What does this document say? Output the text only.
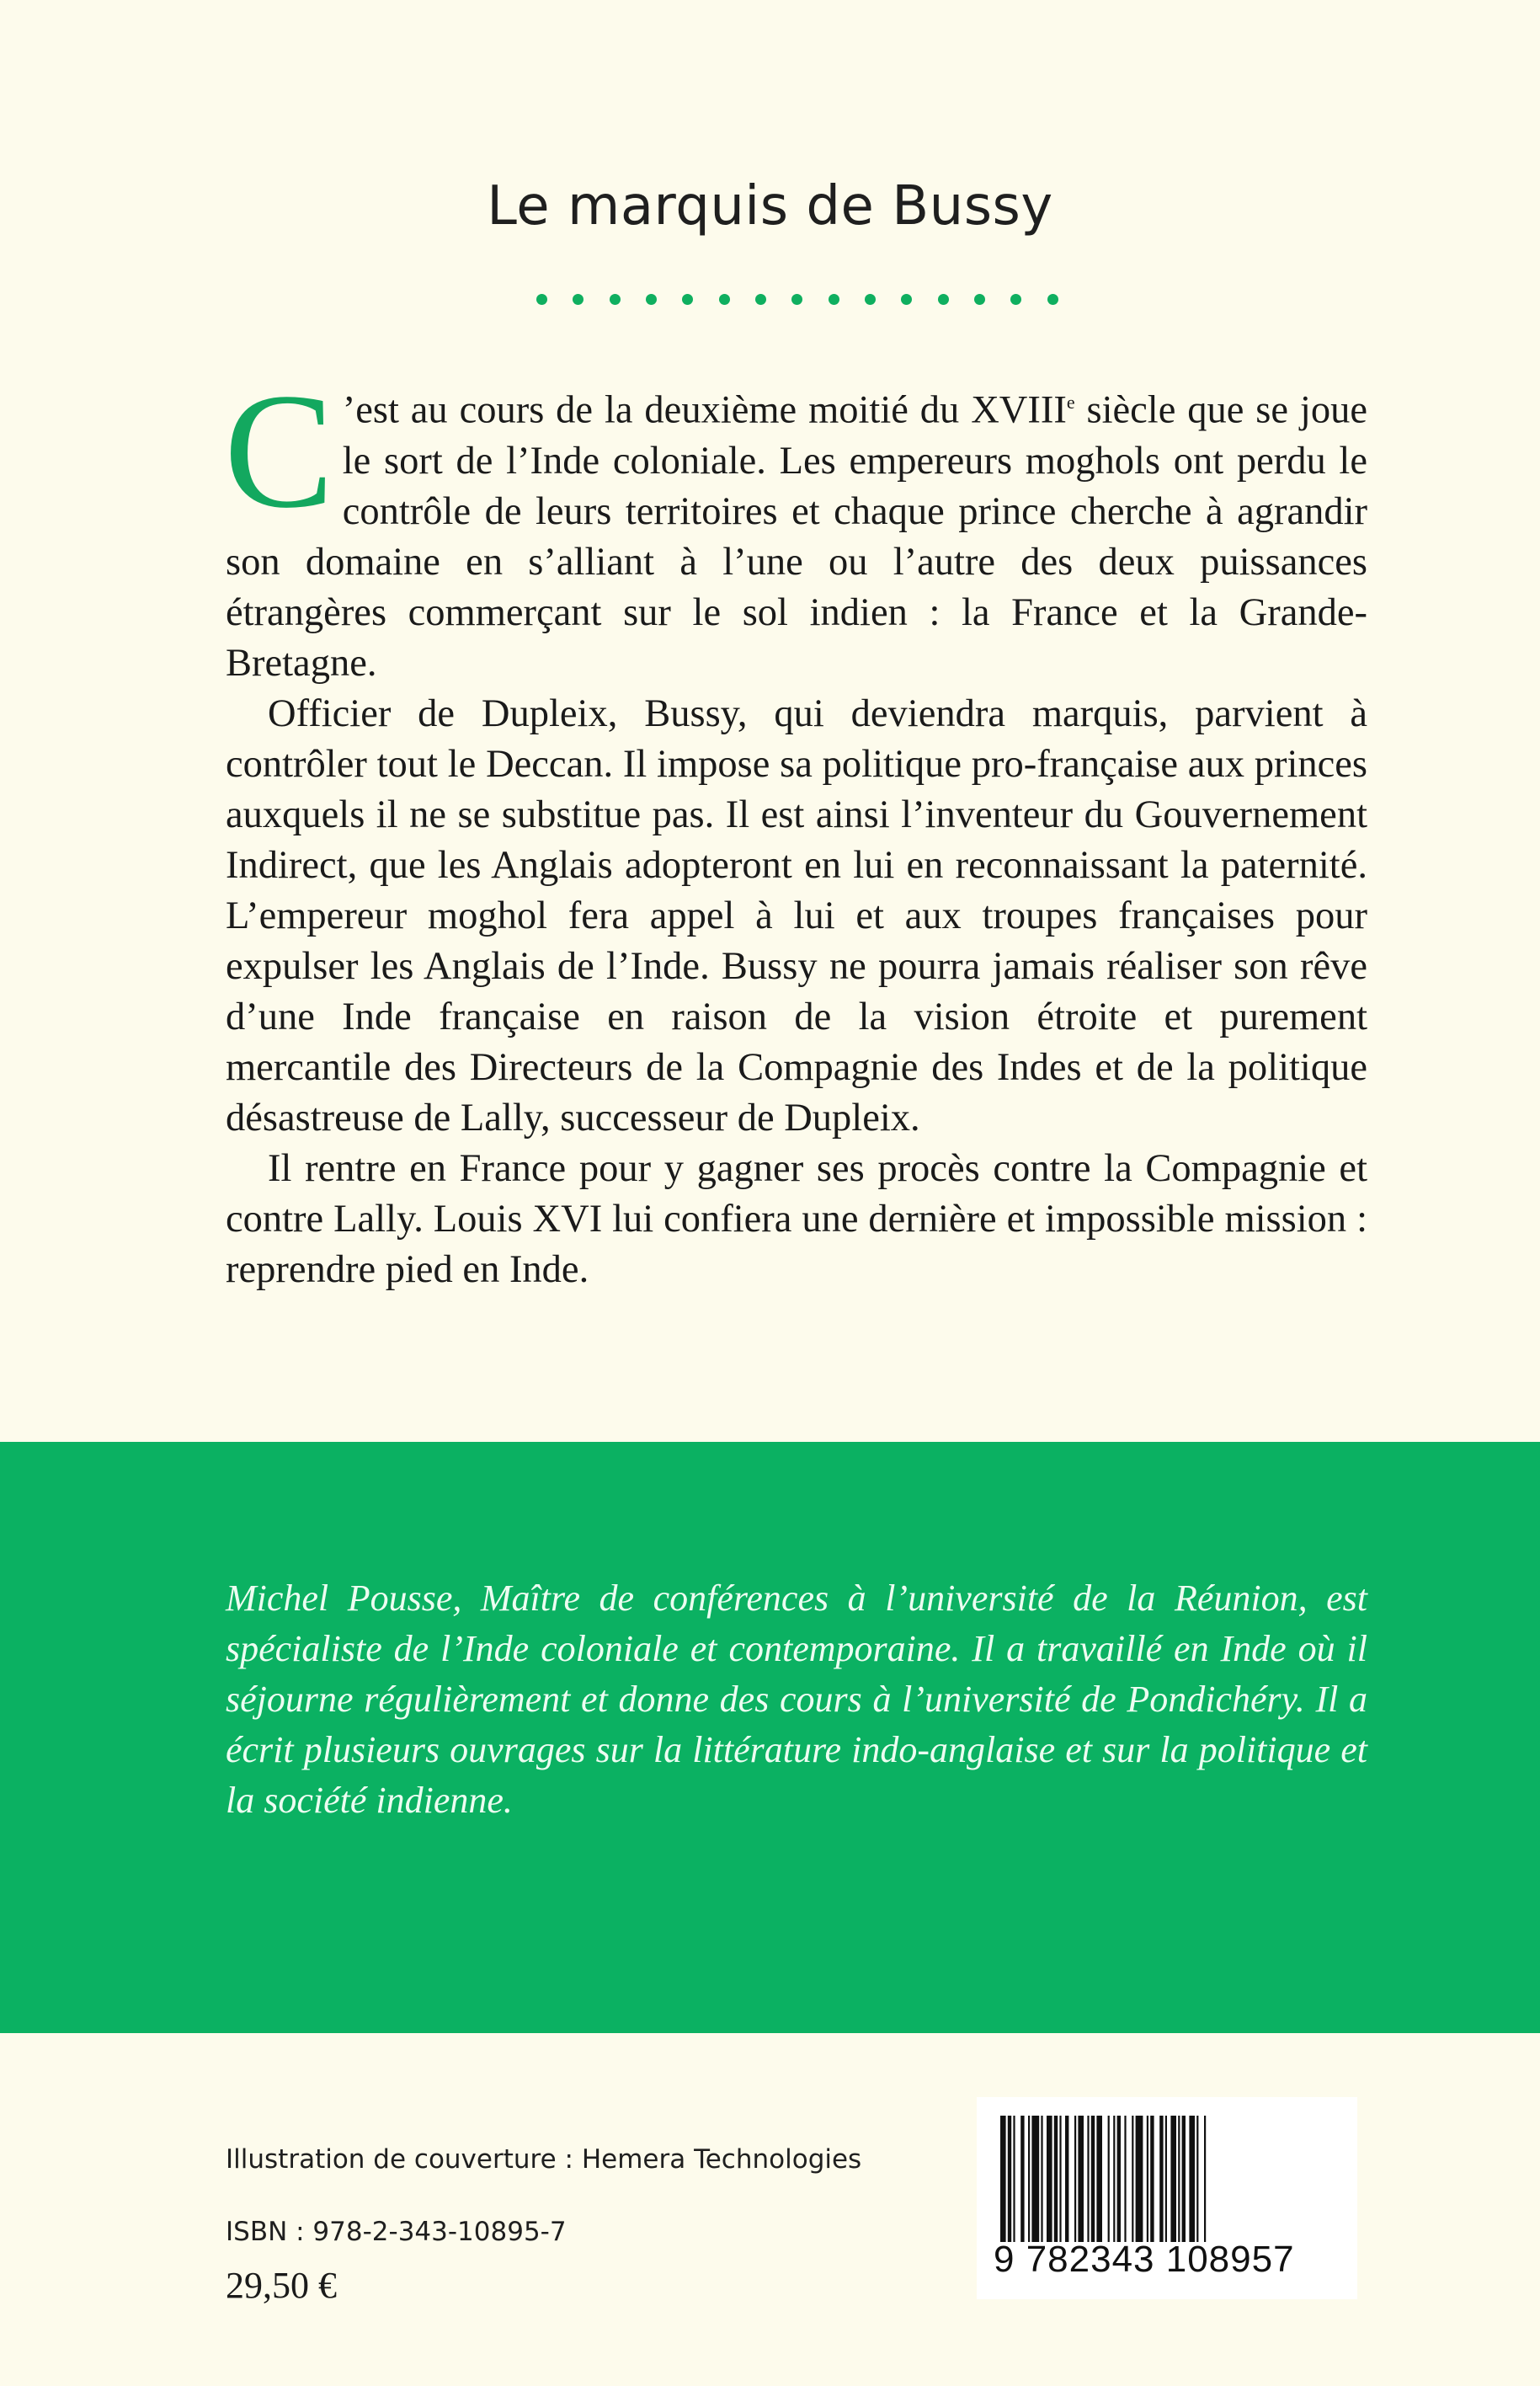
Le marquis de Bussy

C ’est au cours de la deuxième moitié du XVIIIe siècle que se joue le sort de l’Inde coloniale. Les empereurs moghols ont perdu le contrôle de leurs territoires et chaque prince cherche à agrandir son domaine en s’alliant à l’une ou l’autre des deux puissances étrangères commerçant sur le sol indien : la France et la Grande-Bretagne.

Officier de Dupleix, Bussy, qui deviendra marquis, parvient à contrôler tout le Deccan. Il impose sa politique pro-française aux princes auxquels il ne se substitue pas. Il est ainsi l’inventeur du Gouvernement Indirect, que les Anglais adopteront en lui en reconnaissant la paternité. L’empereur moghol fera appel à lui et aux troupes françaises pour expulser les Anglais de l’Inde. Bussy ne pourra jamais réaliser son rêve d’une Inde française en raison de la vision étroite et purement mercantile des Directeurs de la Compagnie des Indes et de la politique désastreuse de Lally, successeur de Dupleix.

Il rentre en France pour y gagner ses procès contre la Compagnie et contre Lally. Louis XVI lui confiera une dernière et impossible mission : reprendre pied en Inde.

Michel Pousse, Maître de conférences à l’université de la Réunion, est spécialiste de l’Inde coloniale et contemporaine. Il a travaillé en Inde où il séjourne régulièrement et donne des cours à l’université de Pondichéry. Il a écrit plusieurs ouvrages sur la littérature indo-anglaise et sur la politique et la société indienne.

Illustration de couverture : Hemera Technologies
ISBN : 978-2-343-10895-7
29,50 €
9 782343 108957
